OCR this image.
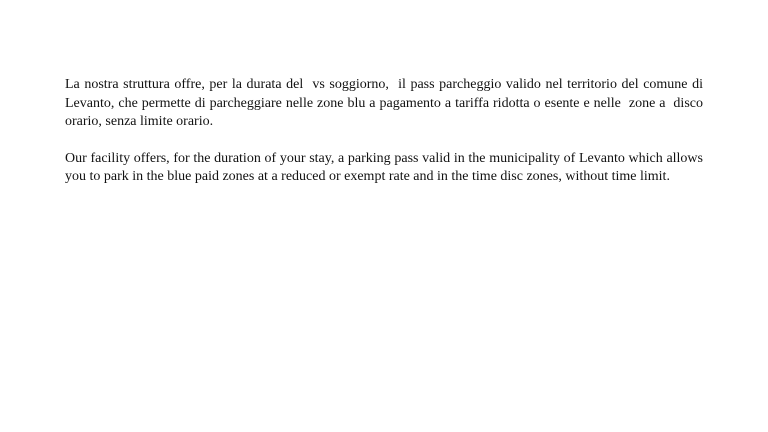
La nostra struttura offre, per la durata del  vs soggiorno,  il pass parcheggio valido nel territorio del comune di Levanto, che permette di parcheggiare nelle zone blu a pagamento a tariffa ridotta o esente e nelle  zone a  disco orario, senza limite orario.

Our facility offers, for the duration of your stay, a parking pass valid in the municipality of Levanto which allows you to park in the blue paid zones at a reduced or exempt rate and in the time disc zones, without time limit.
